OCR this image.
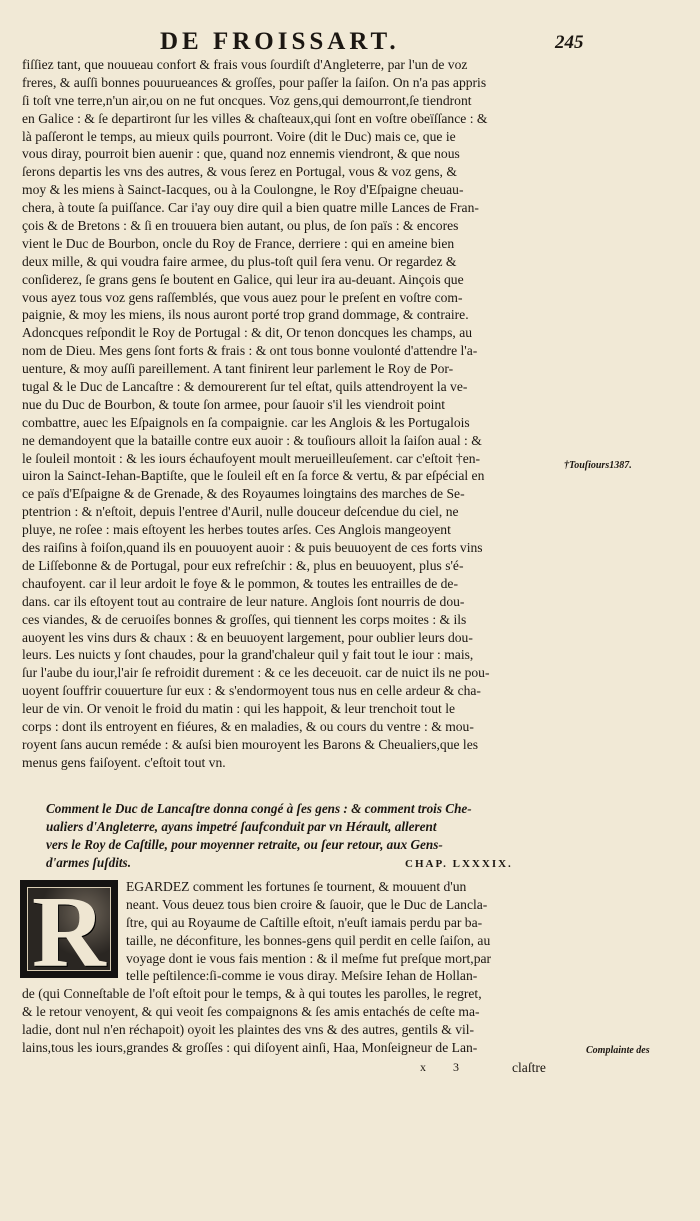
DE FROISSART.	245
fiſſiez tant, que nouueau confort & frais vous ſourdiſt d'Angleterre, par l'un de voz
freres, & auſſi bonnes pouurueances & groſſes, pour paſſer la ſaiſon. On n'a pas appris
ſi toſt vne terre,n'un air,ou on ne fut oncques. Voz gens,qui demourront,ſe tiendront
en Galice : & ſe departiront ſur les villes & chaſteaux,qui ſont en voſtre obeïſſance : &
là paſſeront le temps, au mieux quils pourront. Voire (dit le Duc) mais ce, que ie
vous diray, pourroit bien auenir : que, quand noz ennemis viendront, & que nous
ſerons departis les vns des autres, & vous ſerez en Portugal, vous & voz gens, &
moy & les miens à Sainct-Iacques, ou à la Coulongne, le Roy d'Eſpaigne cheuau-
chera, à toute ſa puiſſance. Car i'ay ouy dire quil a bien quatre mille Lances de Fran-
çois & de Bretons : & ſi en trouuera bien autant, ou plus, de ſon païs : & encores
vient le Duc de Bourbon, oncle du Roy de France, derriere : qui en ameine bien
deux mille, & qui voudra faire armee, du plus-toſt quil ſera venu. Or regardez &
conſiderez, ſe grans gens ſe boutent en Galice, qui leur ira au-deuant. Ainçois que
vous ayez tous voz gens raſſemblés, que vous auez pour le preſent en voſtre com-
paignie, & moy les miens, ils nous auront porté trop grand dommage, & contraire.
Adoncques reſpondit le Roy de Portugal : & dit, Or tenon doncques les champs, au
nom de Dieu. Mes gens ſont forts & frais : & ont tous bonne voulonté d'attendre l'a-
uenture, & moy auſſi pareillement. A tant finirent leur parlement le Roy de Por-
tugal & le Duc de Lancaſtre : & demourerent ſur tel eſtat, quils attendroyent la ve-
nue du Duc de Bourbon, & toute ſon armee, pour ſauoir s'il les viendroit point
combattre, auec les Eſpaignols en ſa compaignie. car les Anglois & les Portugalois
ne demandoyent que la bataille contre eux auoir : & touſiours alloit la ſaiſon aual : &
le ſouleil montoit : & les iours échaufoyent moult merueilleuſement. car c'eſtoit †en-
uiron la Sainct-Iehan-Baptiſte, que le ſouleil eſt en ſa force & vertu, & par eſpécial en
ce païs d'Eſpaigne & de Grenade, & des Royaumes loingtains des marches de Se-
ptentrion : & n'eſtoit, depuis l'entree d'Auril, nulle douceur deſcendue du ciel, ne
pluye, ne roſee : mais eſtoyent les herbes toutes arſes. Ces Anglois mangeoyent
des raiſins à foiſon,quand ils en pouuoyent auoir : & puis beuuoyent de ces forts vins
de Liſſebonne & de Portugal, pour eux refreſchir : &, plus en beuuoyent, plus s'é-
chaufoyent. car il leur ardoit le foye & le pommon, & toutes les entrailles de de-
dans. car ils eſtoyent tout au contraire de leur nature. Anglois ſont nourris de dou-
ces viandes, & de ceruoiſes bonnes & groſſes, qui tiennent les corps moites : & ils
auoyent les vins durs & chaux : & en beuuoyent largement, pour oublier leurs dou-
leurs. Les nuicts y ſont chaudes, pour la grand'chaleur quil y fait tout le iour : mais,
ſur l'aube du iour,l'air ſe refroidit durement : & ce les deceuoit. car de nuict ils ne pou-
uoyent ſouffrir couuerture ſur eux : & s'endormoyent tous nus en celle ardeur & cha-
leur de vin. Or venoit le froid du matin : qui les happoit, & leur trenchoit tout le
corps : dont ils entroyent en fiéures, & en maladies, & ou cours du ventre : & mou-
royent ſans aucun reméde : & auſsi bien mouroyent les Barons & Cheualiers,que les
menus gens faiſoyent. c'eſtoit tout vn.
†Touſiours1387.
Comment le Duc de Lancaſtre donna congé à ſes gens : & comment trois Che-
ualiers d'Angleterre, ayans impetré ſaufconduit par vn Hérault, allerent
vers le Roy de Caſtille, pour moyenner retraite, ou ſeur retour, aux Gens-
d'armes ſuſdits.	CHAP. LXXXIX.
R EGARDEZ comment les fortunes ſe tournent, & mouuent d'un
neant. Vous deuez tous bien croire & ſauoir, que le Duc de Lancla-
ſtre, qui au Royaume de Caſtille eſtoit, n'euſt iamais perdu par ba-
taille, ne déconfiture, les bonnes-gens quil perdit en celle ſaiſon, au
voyage dont ie vous fais mention : & il meſme fut preſque mort,par
telle peſtilence:ſi-comme ie vous diray. Meſsire Iehan de Hollan-
de (qui Conneſtable de l'oſt eſtoit pour le temps, & à qui toutes les parolles, le regret,
& le retour venoyent, & qui veoit ſes compaignons & ſes amis entachés de ceſte ma-
ladie, dont nul n'en réchapoit) oyoit les plaintes des vns & des autres, gentils & vil-
lains,tous les iours,grandes & groſſes : qui diſoyent ainſi, Haa, Monſeigneur de Lan-	Complainte des
x 3	claſtre
